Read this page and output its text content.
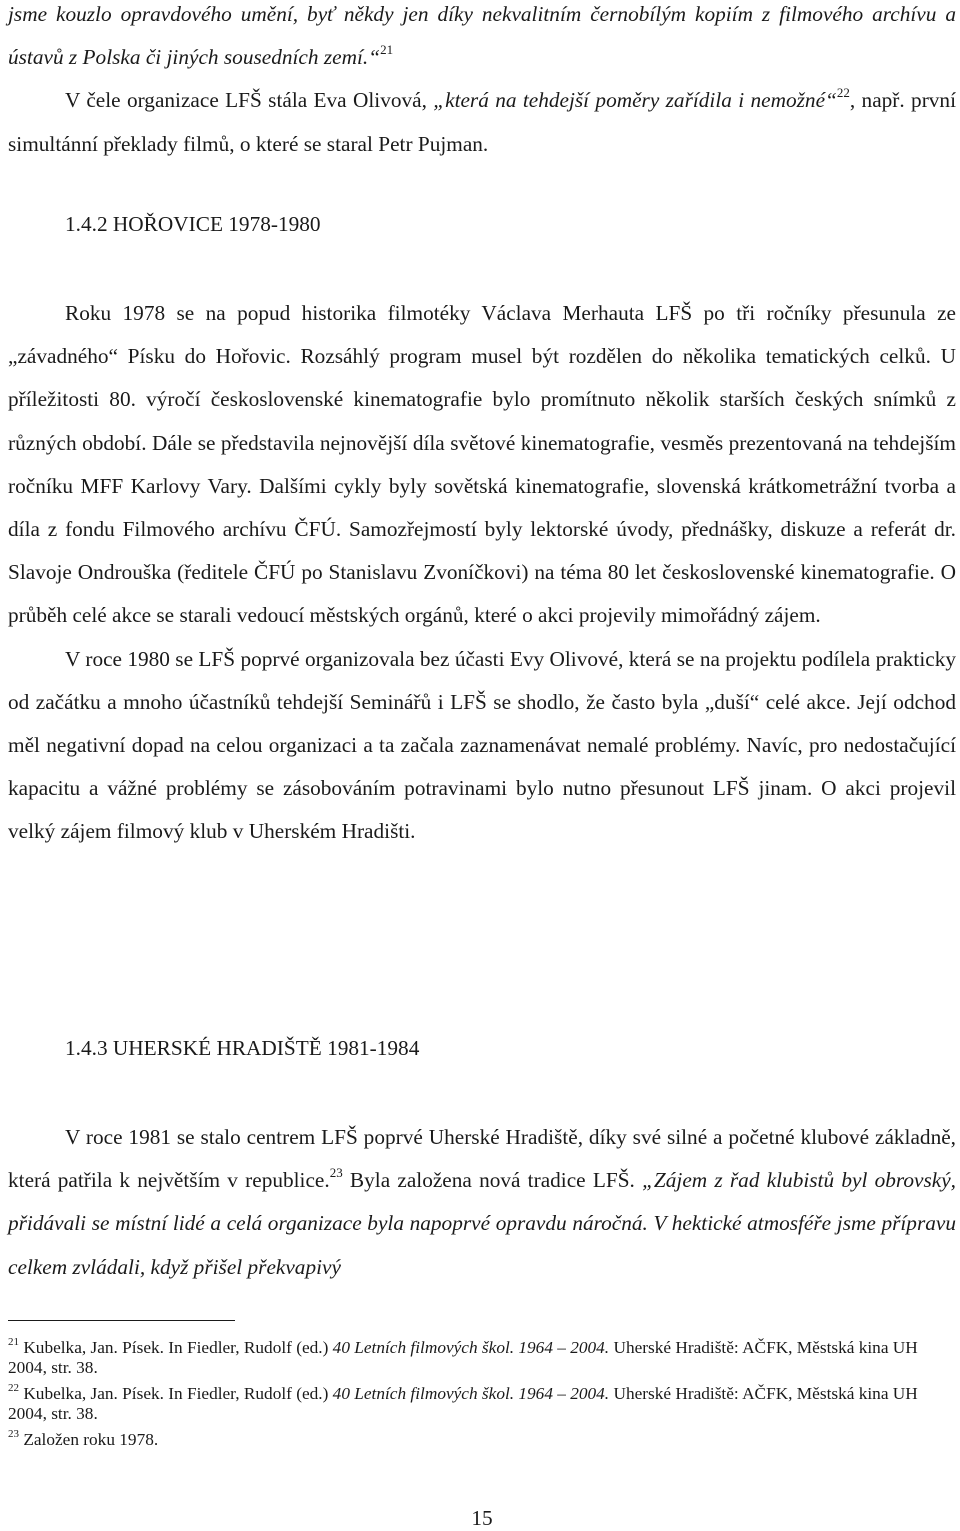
jsme kouzlo opravdového umění, byť někdy jen díky nekvalitním černobílým kopiím z filmového archívu a ústavů z Polska či jiných sousedních zemí.“$^{21}$

V čele organizace LFŠ stála Eva Olivová, „která na tehdejší poměry zařídila i nemožné“$^{22}$, např. první simultánní překlady filmů, o které se staral Petr Pujman.

1.4.2 HOŘOVICE 1978-1980

Roku 1978 se na popud historika filmotéky Václava Merhauta LFŠ po tři ročníky přesunula ze „závadného“ Písku do Hořovic. Rozsáhlý program musel být rozdělen do několika tematických celků. U příležitosti 80. výročí československé kinematografie bylo promítnuto několik starších českých snímků z různých období. Dále se představila nejnovější díla světové kinematografie, vesměs prezentovaná na tehdejším ročníku MFF Karlovy Vary. Dalšími cykly byly sovětská kinematografie, slovenská krátkometrážní tvorba a díla z fondu Filmového archívu ČFÚ. Samozřejmostí byly lektorské úvody, přednášky, diskuze a referát dr. Slavoje Ondrouška (ředitele ČFÚ po Stanislavu Zvoníčkovi) na téma 80 let československé kinematografie. O průběh celé akce se starali vedoucí městských orgánů, které o akci projevily mimořádný zájem.

V roce 1980 se LFŠ poprvé organizovala bez účasti Evy Olivové, která se na projektu podílela prakticky od začátku a mnoho účastníků tehdejší Seminářů i LFŠ se shodlo, že často byla „duší“ celé akce. Její odchod měl negativní dopad na celou organizaci a ta začala zaznamenávat nemalé problémy. Navíc, pro nedostačující kapacitu a vážné problémy se zásobováním potravinami bylo nutno přesunout LFŠ jinam. O akci projevil velký zájem filmový klub v Uherském Hradišti.

1.4.3 UHERSKÉ HRADIŠTĚ 1981-1984

V roce 1981 se stalo centrem LFŠ poprvé Uherské Hradiště, díky své silné a početné klubové základně, která patřila k největším v republice.$^{23}$ Byla založena nová tradice LFŠ. „Zájem z řad klubistů byl obrovský, přidávali se místní lidé a celá organizace byla napoprvé opravdu náročná. V hektické atmosféře jsme přípravu celkem zvládali, když přišel překvapivý

$^{21}$ Kubelka, Jan. Písek. In Fiedler, Rudolf (ed.) 40 Letních filmových škol. 1964 – 2004. Uherské Hradiště: AČFK, Městská kina UH 2004, str. 38.

$^{22}$ Kubelka, Jan. Písek. In Fiedler, Rudolf (ed.) 40 Letních filmových škol. 1964 – 2004. Uherské Hradiště: AČFK, Městská kina UH 2004, str. 38.

$^{23}$ Založen roku 1978.

15
